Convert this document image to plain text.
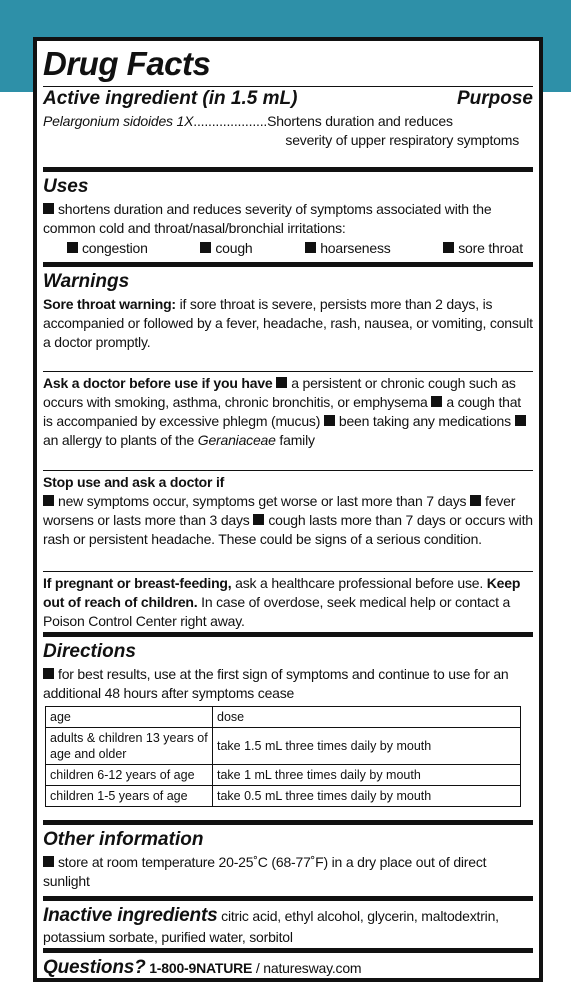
Drug Facts
Active ingredient (in 1.5 mL)	Purpose
Pelargonium sidoides 1X....................Shortens duration and reduces
severity of upper respiratory symptoms
Uses
shortens duration and reduces severity of symptoms associated with the common cold and throat/nasal/bronchial irritations:
congestion	cough	hoarseness	sore throat
Warnings
Sore throat warning: if sore throat is severe, persists more than 2 days, is accompanied or followed by a fever, headache, rash, nausea, or vomiting, consult a doctor promptly.
Ask a doctor before use if you have a persistent or chronic cough such as occurs with smoking, asthma, chronic bronchitis, or emphysema a cough that is accompanied by excessive phlegm (mucus) been taking any medications an allergy to plants of the Geraniaceae family
Stop use and ask a doctor if
new symptoms occur, symptoms get worse or last more than 7 days fever worsens or lasts more than 3 days cough lasts more than 7 days or occurs with rash or persistent headache. These could be signs of a serious condition.
If pregnant or breast-feeding, ask a healthcare professional before use. Keep out of reach of children. In case of overdose, seek medical help or contact a Poison Control Center right away.
Directions
for best results, use at the first sign of symptoms and continue to use for an additional 48 hours after symptoms cease
age	dose
adults & children 13 years of age and older	take 1.5 mL three times daily by mouth
children 6-12 years of age	take 1 mL three times daily by mouth
children 1-5 years of age	take 0.5 mL three times daily by mouth
Other information
store at room temperature 20-25˚C (68-77˚F) in a dry place out of direct sunlight
Inactive ingredients citric acid, ethyl alcohol, glycerin, maltodextrin, potassium sorbate, purified water, sorbitol
Questions? 1-800-9NATURE / naturesway.com
